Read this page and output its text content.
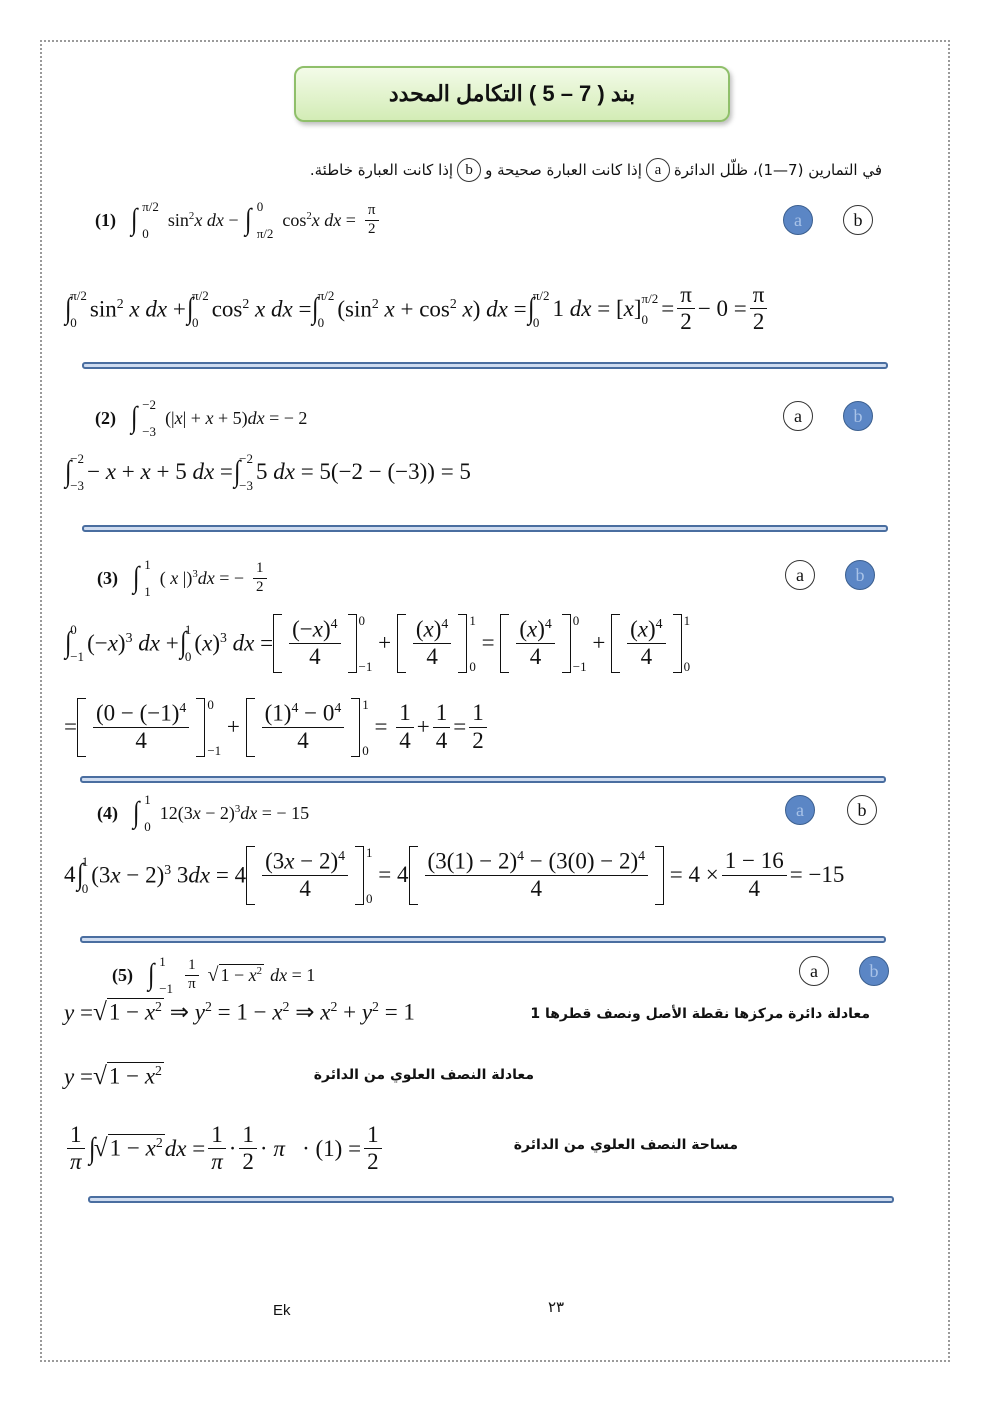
بند ( 7 – 5 ) التكامل المحدد
في التمارين (7—1)، ظلّل الدائرة
a
إذا كانت العبارة صحيحة و
b
إذا كانت العبارة خاطئة.
(1) ∫ π/2
0
$\sin^2x$ dx − ∫ 0
π/2
$\cos^2x$ dx = $\frac{\pi}{2}$	a	b
∫
π/2
0
$\sin^2 x$ dx + ∫
π/2
0
$\cos^2 x$ dx = ∫
π/2
0
($\sin^2$ $x + \cos^2 x$) dx = ∫
π/2
0
1 dx = [x] π/2
$0 = \frac{\pi}{2} - 0 = \frac{\pi}{2}$
(2) ∫ −2
−3
(|x| + x + 5)dx = − 2	a	b
∫
−2
−3
− x + x + 5 dx = ∫
−2
−3
5 dx = 5(−2 − (−3)) = 5
(3) ∫ 1
1
( x |)$^3$dx = − $\frac{1}{2}$	a	b
∫
0
−1
$(-x)^3$ dx + ∫
1
0
$(x)^3$ dx = $\frac{(-x)^4}{4} 0$
−1
+ $\frac{(x)^4}{4} 1$
0
= $\frac{(x)^4}{4} 0$
−1
+ $\frac{(x)^4}{4} 1$
0
= $\frac{(0 - (-1)^4}{4} 0$
−1
+ $\frac{(1)^4 - 0^4}{4} 1$
0
= $\frac{1}{4} + \frac{1}{4} = \frac{1}{2}$
(4) ∫ 1
0
$12(3x - 2)^3dx$ = − 15	a	b
4 ∫
1
0
$(3x - 2)^3$ $3dx = 4 \frac{(3x - 2)^4}{4} 1$
0
= $4 \frac{(3(1) - 2)^4 - (3(0) - 2)^4}{4} = 4 \times \frac{1 - 16}{4} = -15$
(5) ∫ 1
$-1 \frac{1}{\pi}$ √ $1 - x^2$ dx = 1	a	b
y = √ $1 - x^2$ ⇒ $y^2 = 1 - x^2$ ⇒ $x^2 + y^2 = 1$	معادلة دائرة مركزها نقطة الأصل ونصف قطرها 1
y = √ $1 - x^2$	معادلة النصف العلوي من الدائرة
$\frac{1}{\pi}$ ∫
√ $1 - x^2$ dx = $\frac{1}{\pi} \cdot \frac{1}{2} \cdot \pi \cdot (1) = \frac{1}{2}$	مساحة النصف العلوي من الدائرة
Ek	٢٣
